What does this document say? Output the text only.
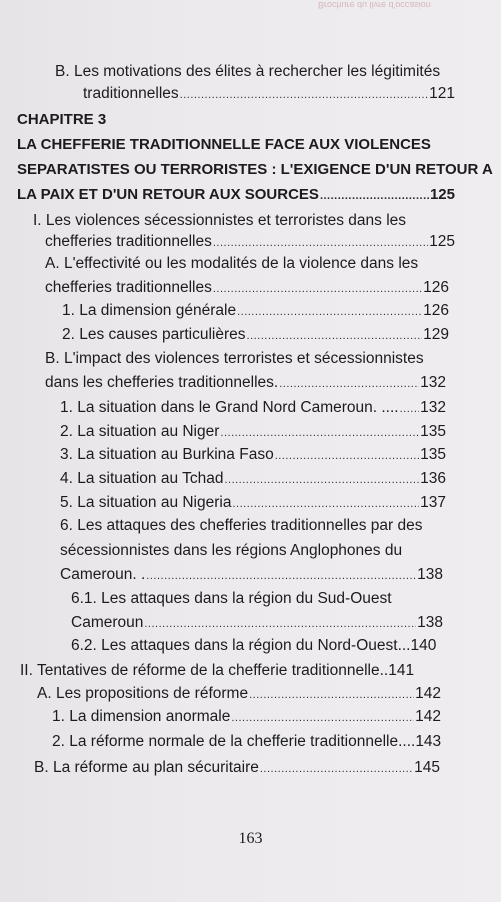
Brochure du livre d'occasion
B. Les motivations des élites à rechercher les légitimités
traditionnelles .....	121
CHAPITRE 3
LA CHEFFERIE TRADITIONNELLE FACE AUX VIOLENCES
SEPARATISTES OU TERRORISTES : L'EXIGENCE D'UN RETOUR A
LA PAIX ET D'UN RETOUR AUX SOURCES .....	125
I. Les violences sécessionnistes et terroristes dans les
chefferies traditionnelles .....	125
A. L'effectivité ou les modalités de la violence dans les
chefferies traditionnelles .....	126
1. La dimension générale .....	126
2. Les causes particulières .....	129
B. L'impact des violences terroristes et sécessionnistes
dans les chefferies traditionnelles. .....	132
1. La situation dans le Grand Nord Cameroun. .... ..... 132
2. La situation au Niger .....	135
3. La situation au Burkina Faso .....	135
4. La situation au Tchad .....	136
5. La situation au Nigeria .....	137
6. Les attaques des chefferies traditionnelles par des
sécessionnistes dans les régions Anglophones du
Cameroun. . .....	138
6.1. Les attaques dans la région du Sud-Ouest
Cameroun .....	138
6.2. Les attaques dans la région du Nord-Ouest... 140
II. Tentatives de réforme de la chefferie traditionnelle.. 141
A. Les propositions de réforme .....	142
1. La dimension anormale .....	142
2. La réforme normale de la chefferie traditionnelle.... 143
B. La réforme au plan sécuritaire .....	145
163
